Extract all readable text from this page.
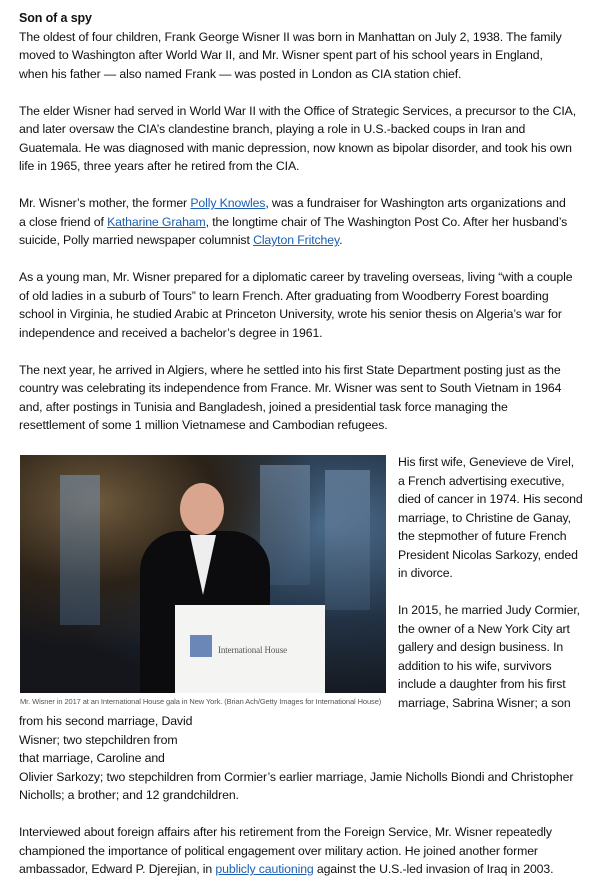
Son of a spy
The oldest of four children, Frank George Wisner II was born in Manhattan on July 2, 1938. The family
moved to Washington after World War II, and Mr. Wisner spent part of his school years in England,
when his father — also named Frank — was posted in London as CIA station chief.
The elder Wisner had served in World War II with the Office of Strategic Services, a precursor to the CIA,
and later oversaw the CIA’s clandestine branch, playing a role in U.S.-backed coups in Iran and
Guatemala. He was diagnosed with manic depression, now known as bipolar disorder, and took his own
life in 1965, three years after he retired from the CIA.
Mr. Wisner’s mother, the former Polly Knowles, was a fundraiser for Washington arts organizations and
a close friend of Katharine Graham, the longtime chair of The Washington Post Co. After her husband’s
suicide, Polly married newspaper columnist Clayton Fritchey.
As a young man, Mr. Wisner prepared for a diplomatic career by traveling overseas, living “with a couple
of old ladies in a suburb of Tours” to learn French. After graduating from Woodberry Forest boarding
school in Virginia, he studied Arabic at Princeton University, wrote his senior thesis on Algeria’s war for
independence and received a bachelor’s degree in 1961.
The next year, he arrived in Algiers, where he settled into his first State Department posting just as the
country was celebrating its independence from France. Mr. Wisner was sent to South Vietnam in 1964
and, after postings in Tunisia and Bangladesh, joined a presidential task force managing the
resettlement of some 1 million Vietnamese and Cambodian refugees.
International House
Mr. Wisner in 2017 at an International House gala in New York. (Brian Ach/Getty Images for International House)
His first wife, Genevieve de Virel,
a French advertising executive,
died of cancer in 1974. His second
marriage, to Christine de Ganay,
the stepmother of future French
President Nicolas Sarkozy, ended
in divorce.
In 2015, he married Judy Cormier,
the owner of a New York City art
gallery and design business. In
addition to his wife, survivors
include a daughter from his first
marriage, Sabrina Wisner; a son
from his second marriage, David
Wisner; two stepchildren from
that marriage, Caroline and
Olivier Sarkozy; two stepchildren from Cormier’s earlier marriage, Jamie Nicholls Biondi and Christopher
Nicholls; a brother; and 12 grandchildren.
Interviewed about foreign affairs after his retirement from the Foreign Service, Mr. Wisner repeatedly
championed the importance of political engagement over military action. He joined another former
ambassador, Edward P. Djerejian, in publicly cautioning against the U.S.-led invasion of Iraq in 2003.
